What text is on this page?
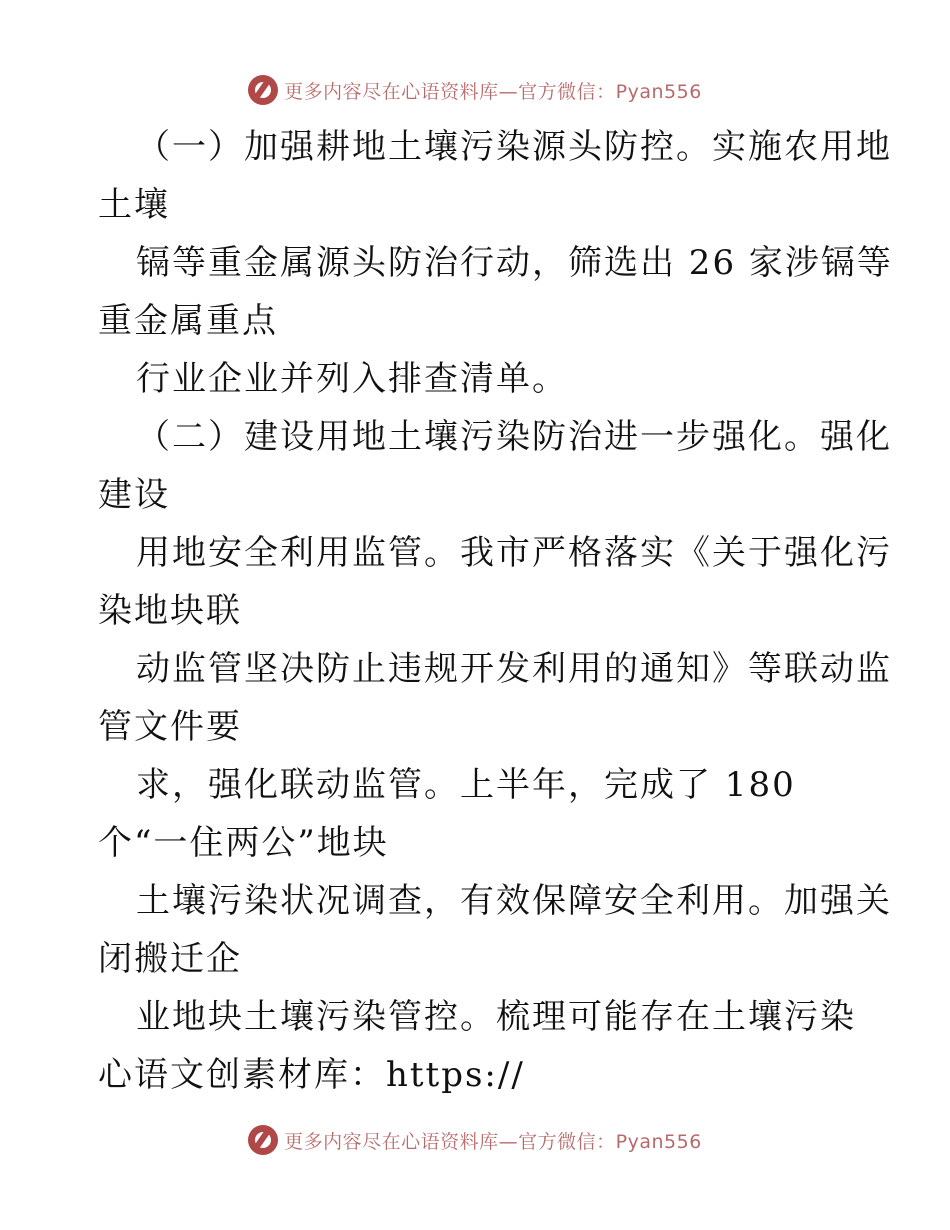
更多内容尽在心语资料库—官方微信：Pyan556
（一）加强耕地土壤污染源头防控。实施农用地
土壤
镉等重金属源头防治行动，筛选出 26 家涉镉等
重金属重点
行业企业并列入排查清单。
（二）建设用地土壤污染防治进一步强化。强化
建设
用地安全利用监管。我市严格落实《关于强化污
染地块联
动监管坚决防止违规开发利用的通知》等联动监
管文件要
求，强化联动监管。上半年，完成了 180
个“一住两公”地块
土壤污染状况调查，有效保障安全利用。加强关
闭搬迁企
业地块土壤污染管控。梳理可能存在土壤污染
心语文创素材库：https://
更多内容尽在心语资料库—官方微信：Pyan556
